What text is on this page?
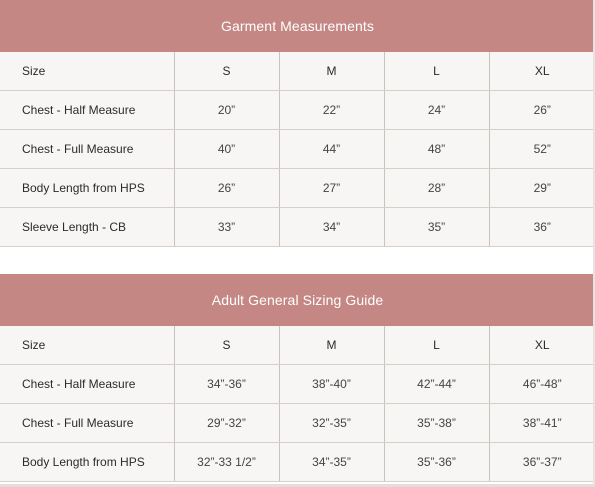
Garment Measurements
Size	S	M	L	XL
Chest - Half Measure	20”	22”	24”	26”
Chest - Full Measure	40”	44”	48”	52”
Body Length from HPS	26”	27”	28”	29”
Sleeve Length - CB	33”	34”	35”	36”
Adult General Sizing Guide
Size	S	M	L	XL
Chest - Half Measure	34”-36”	38”-40”	42”-44”	46”-48”
Chest - Full Measure	29”-32”	32”-35”	35”-38”	38”-41”
Body Length from HPS	32”-33 1/2”	34”-35”	35”-36”	36”-37”
